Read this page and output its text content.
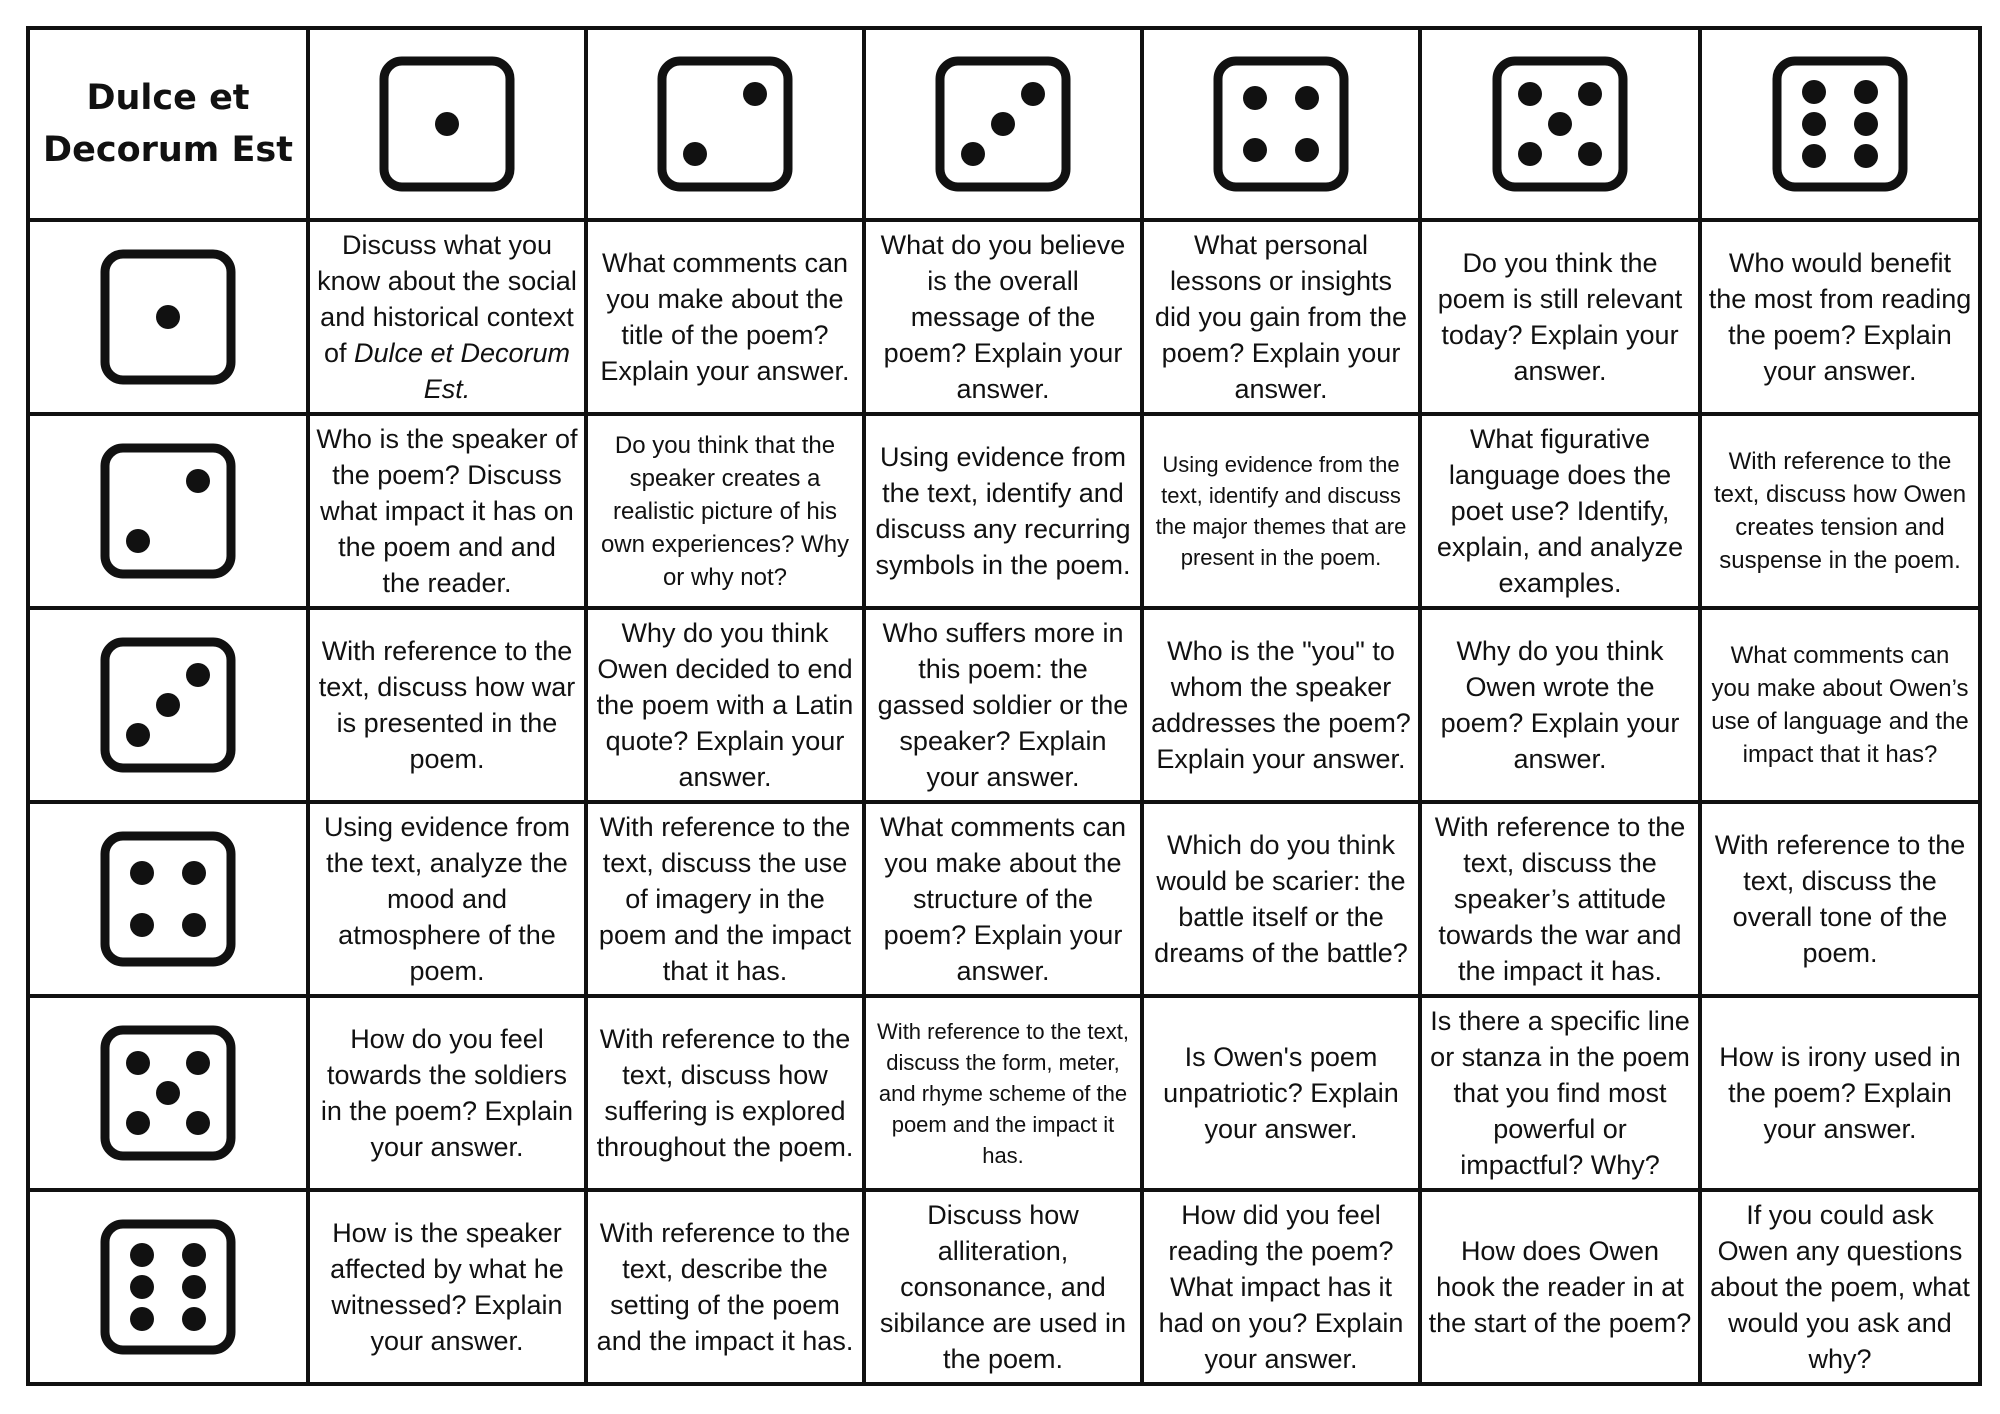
Dulce et
Decorum Est

	Discuss what you know about the social and historical context of Dulce et Decorum Est.	What comments can you make about the title of the poem? Explain your answer.	What do you believe is the overall message of the poem? Explain your answer.	What personal lessons or insights did you gain from the poem? Explain your answer.	Do you think the poem is still relevant today? Explain your answer.	Who would benefit the most from reading the poem? Explain your answer.

	Who is the speaker of the poem? Discuss what impact it has on the poem and and the reader.	Do you think that the speaker creates a realistic picture of his own experiences? Why or why not?	Using evidence from the text, identify and discuss any recurring symbols in the poem.	Using evidence from the text, identify and discuss the major themes that are present in the poem.	What figurative language does the poet use? Identify, explain, and analyze examples.	With reference to the text, discuss how Owen creates tension and suspense in the poem.

	With reference to the text, discuss how war is presented in the poem.	Why do you think Owen decided to end the poem with a Latin quote? Explain your answer.	Who suffers more in this poem: the gassed soldier or the speaker? Explain your answer.	Who is the "you" to whom the speaker addresses the poem? Explain your answer.	Why do you think Owen wrote the poem? Explain your answer.	What comments can you make about Owen’s use of language and the impact that it has?

	Using evidence from the text, analyze the mood and atmosphere of the poem.	With reference to the text, discuss the use of imagery in the poem and the impact that it has.	What comments can you make about the structure of the poem? Explain your answer.	Which do you think would be scarier: the battle itself or the dreams of the battle?	With reference to the text, discuss the speaker’s attitude towards the war and the impact it has.	With reference to the text, discuss the overall tone of the poem.

	How do you feel towards the soldiers in the poem? Explain your answer.	With reference to the text, discuss how suffering is explored throughout the poem.	With reference to the text, discuss the form, meter, and rhyme scheme of the poem and the impact it has.	Is Owen's poem unpatriotic? Explain your answer.	Is there a specific line or stanza in the poem that you find most powerful or impactful? Why?	How is irony used in the poem? Explain your answer.

	How is the speaker affected by what he witnessed? Explain your answer.	With reference to the text, describe the setting of the poem and the impact it has.	Discuss how alliteration, consonance, and sibilance are used in the poem.	How did you feel reading the poem? What impact has it had on you? Explain your answer.	How does Owen hook the reader in at the start of the poem?	If you could ask Owen any questions about the poem, what would you ask and why?
